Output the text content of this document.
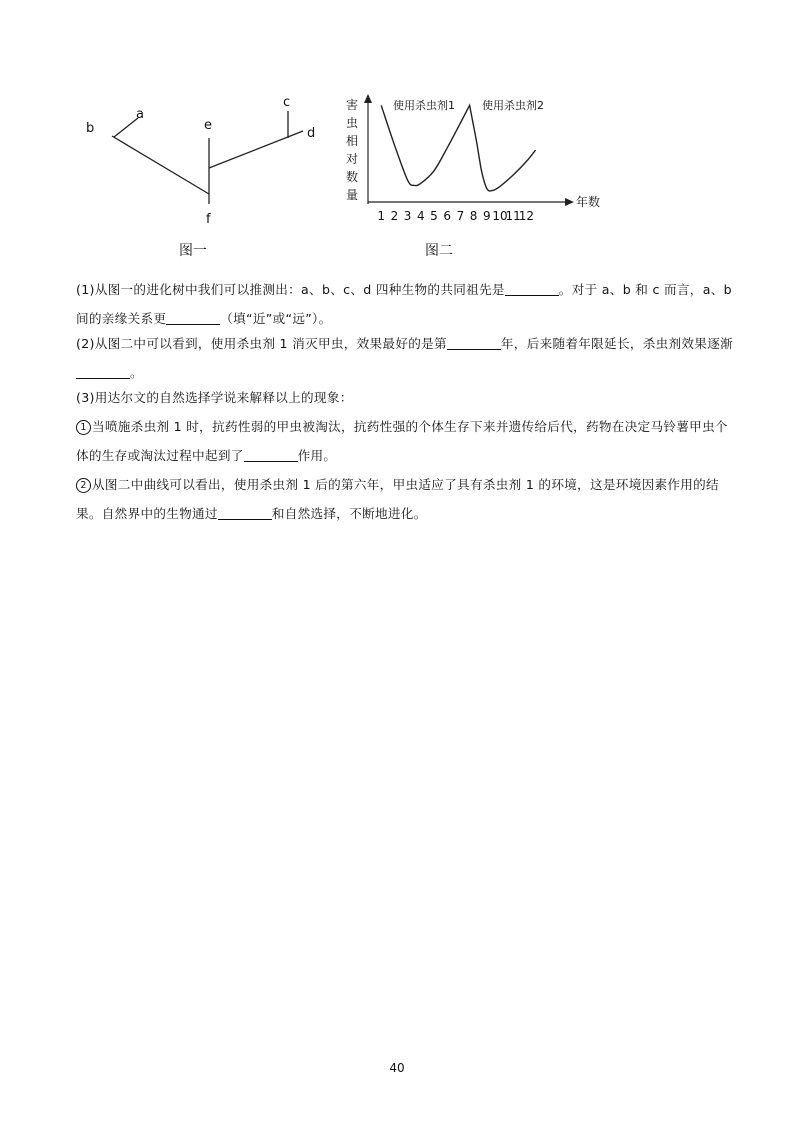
a
b
c
d
e
f
图一
害
虫
相
对
数
量	年数
使用杀虫剂1 使用杀虫剂2
1 2 3 4 5 6 7 8 9 10
11
12
图二

(1)从图一的进化树中我们可以推测出：a、b、c、d 四种生物的共同祖先是	。对于 a、b 和 c 而言，a、b 间的亲缘关系更	（填“近”或“远”）。

(2)从图二中可以看到，使用杀虫剂 1 消灭甲虫，效果最好的是第	年，后来随着年限延长，杀虫剂效果逐渐。

(3)用达尔文的自然选择学说来解释以上的现象：

1 当喷施杀虫剂 1 时，抗药性弱的甲虫被淘汰，抗药性强的个体生存下来并遗传给后代，药物在决定马铃薯甲虫个体的生存或淘汰过程中起到了	作用。

2 从图二中曲线可以看出，使用杀虫剂 1 后的第六年，甲虫适应了具有杀虫剂 1 的环境，这是环境因素作用的结果。自然界中的生物通过	和自然选择，不断地进化。

40
